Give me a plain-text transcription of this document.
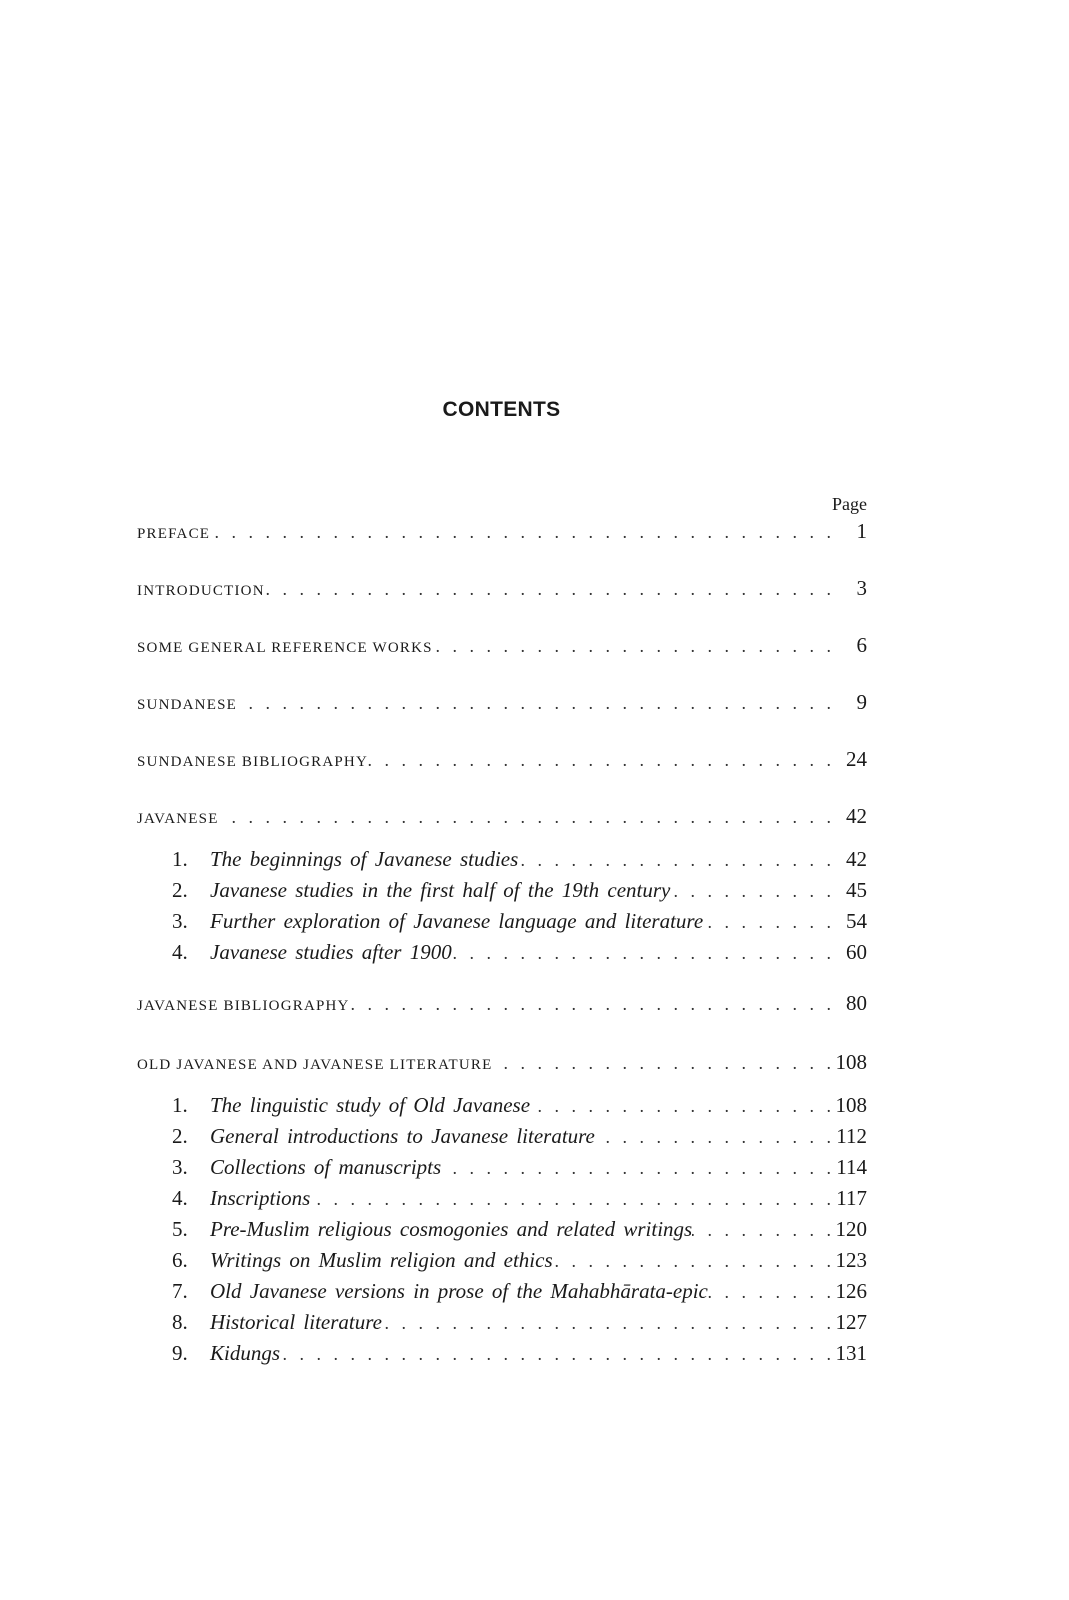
CONTENTS
Page
PREFACE . . .	1
INTRODUCTION . . .	3
SOME GENERAL REFERENCE WORKS . . .	6
SUNDANESE . . .	9
SUNDANESE BIBLIOGRAPHY . . .	24
JAVANESE . . .	42
1.	The beginnings of Javanese studies . . .	42
2.	Javanese studies in the first half of the 19th century . . .	45
3.	Further exploration of Javanese language and literature . . .	54
4.	Javanese studies after 1900 . . .	60
JAVANESE BIBLIOGRAPHY . . .	80
OLD JAVANESE AND JAVANESE LITERATURE . . .	108
1.	The linguistic study of Old Javanese . . .	108
2.	General introductions to Javanese literature . . .	112
3.	Collections of manuscripts . . .	114
4.	Inscriptions . . .	117
5.	Pre-Muslim religious cosmogonies and related writings . . .	120
6.	Writings on Muslim religion and ethics . . .	123
7.	Old Javanese versions in prose of the Mahabhārata-epic . . .	126
8.	Historical literature . . .	127
9.	Kidungs . . .	131
